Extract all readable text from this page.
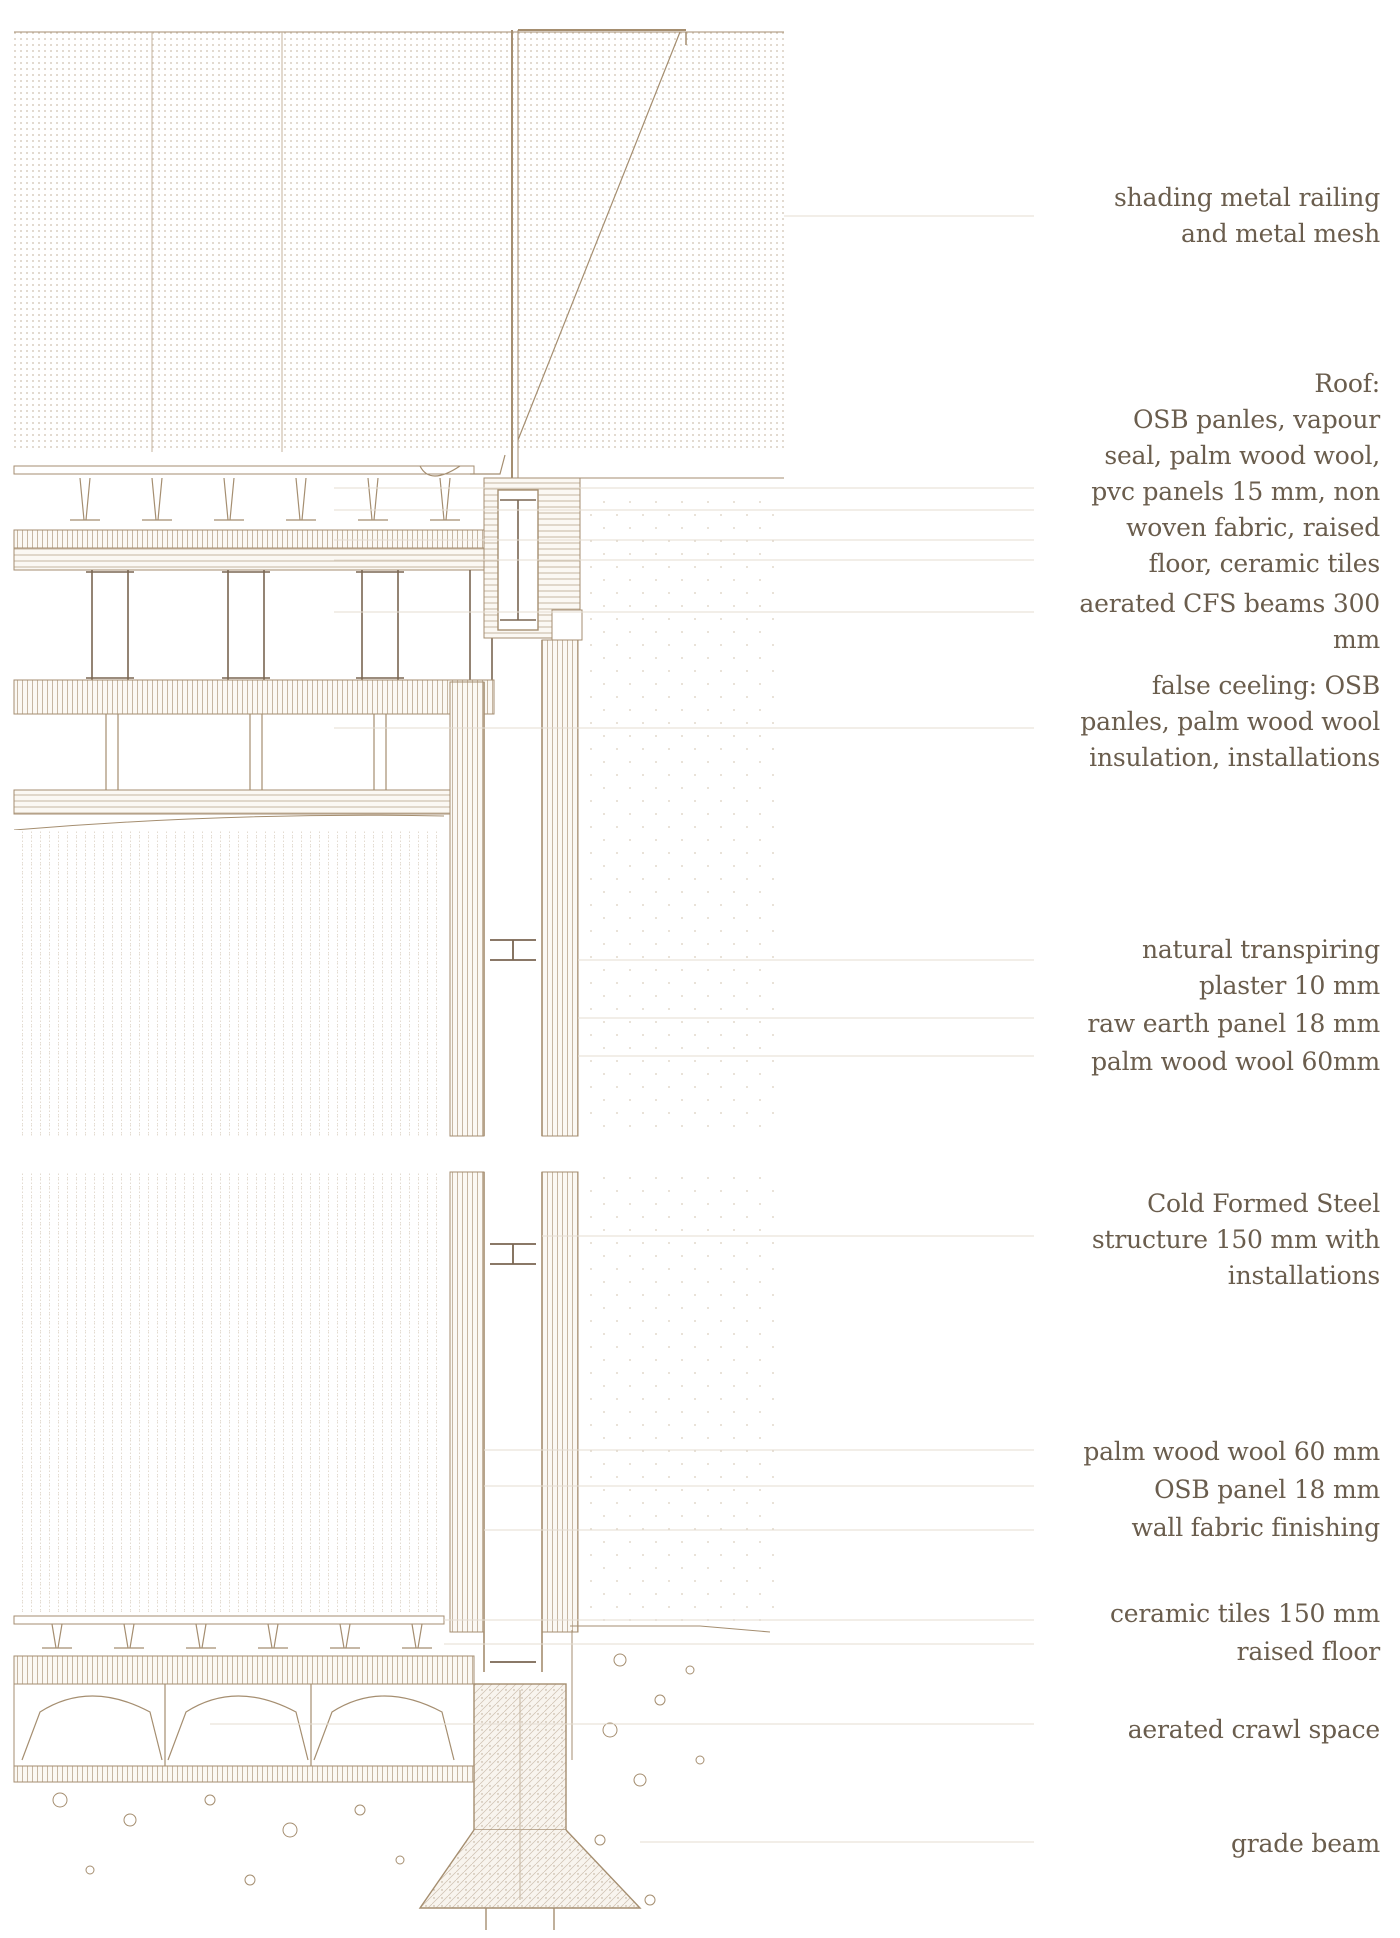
shading metal railing
and metal mesh
Roof:
OSB panles, vapour
seal, palm wood wool,
pvc panels 15 mm, non
woven fabric, raised
floor, ceramic tiles
aerated CFS beams 300
mm
false ceeling: OSB
panles, palm wood wool
insulation, installations
natural transpiring
plaster 10 mm
raw earth panel 18 mm
palm wood wool 60mm
Cold Formed Steel
structure 150 mm with
installations
palm wood wool 60 mm
OSB panel 18 mm
wall fabric finishing
ceramic tiles 150 mm
raised floor
aerated crawl space
grade beam
